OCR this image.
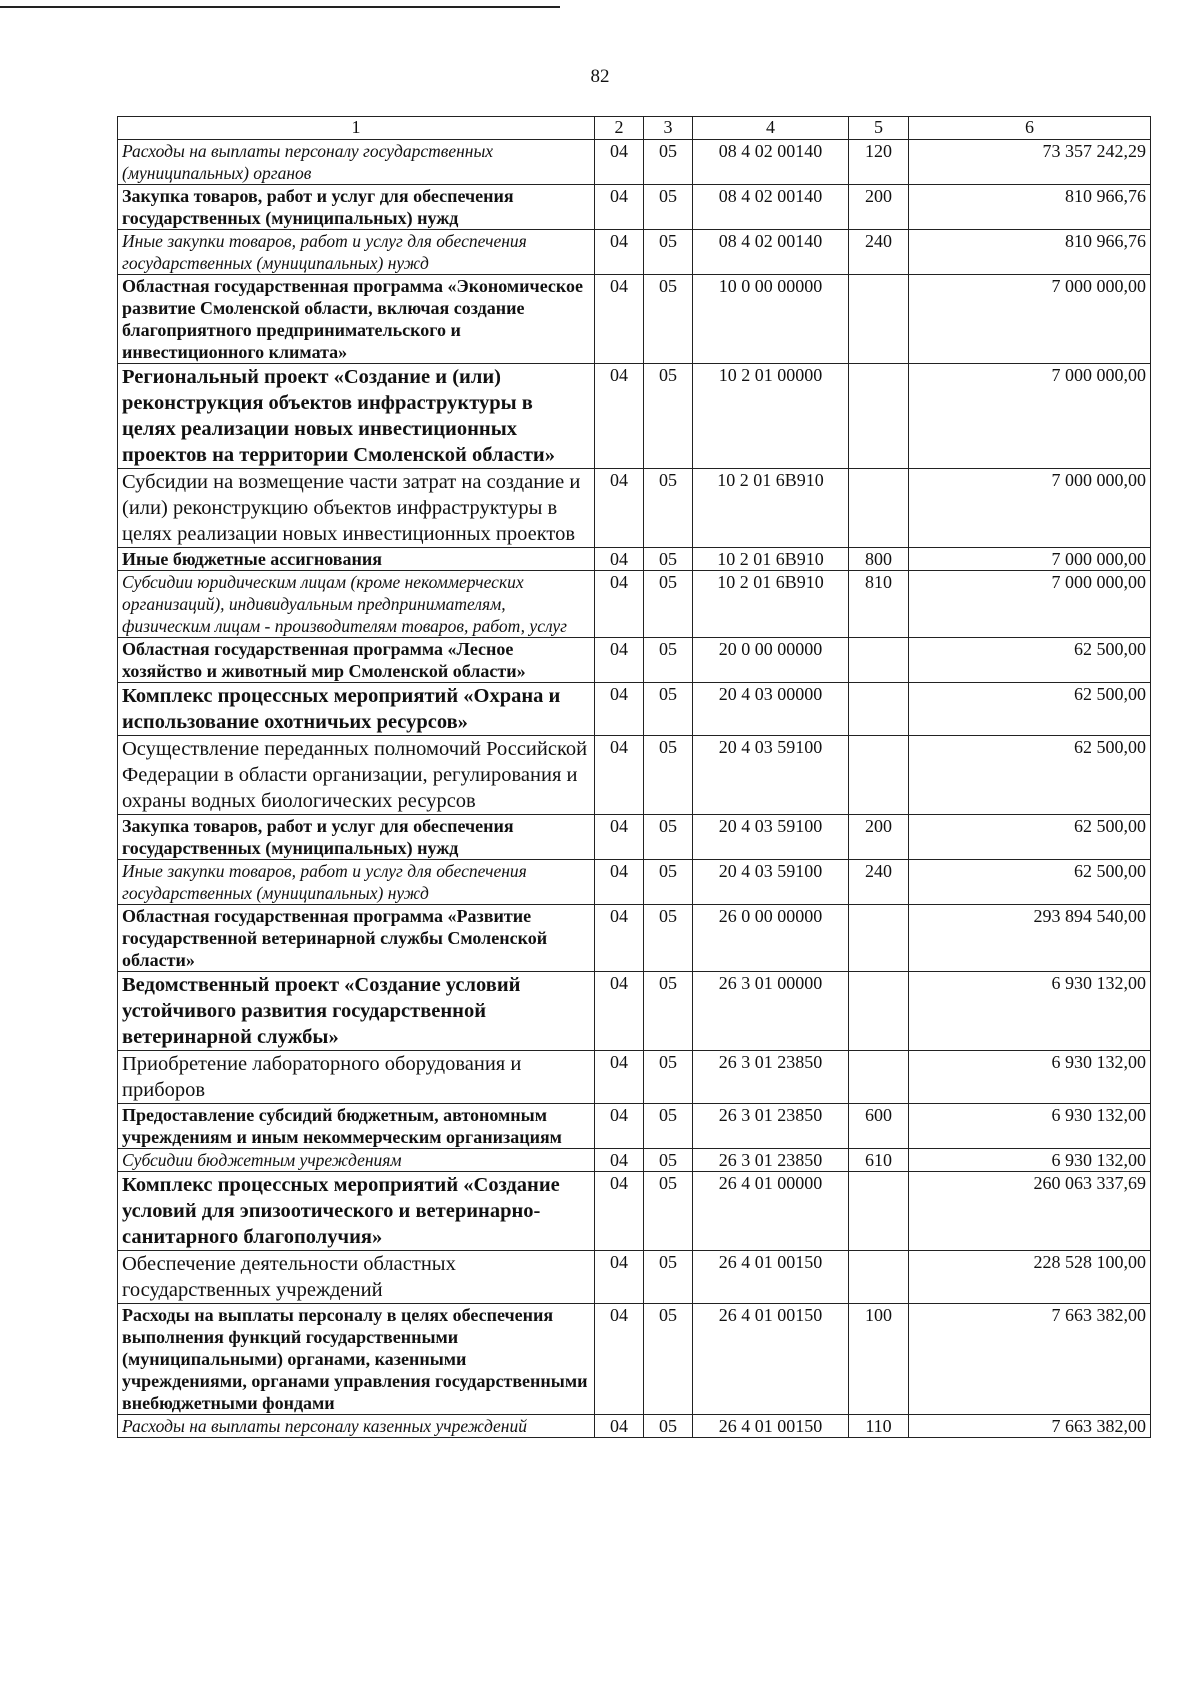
82
1	2	3	4	5	6
Расходы на выплаты персоналу государственных (муниципальных) органов	04	05	08 4 02 00140	120	73 357 242,29
Закупка товаров, работ и услуг для обеспечения государственных (муниципальных) нужд	04	05	08 4 02 00140	200	810 966,76
Иные закупки товаров, работ и услуг для обеспечения государственных (муниципальных) нужд	04	05	08 4 02 00140	240	810 966,76
Областная государственная программа «Экономическое развитие Смоленской области, включая создание благоприятного предпринимательского и инвестиционного климата»	04	05	10 0 00 00000		7 000 000,00
Региональный проект «Создание и (или) реконструкция объектов инфраструктуры в целях реализации новых инвестиционных проектов на территории Смоленской области»	04	05	10 2 01 00000		7 000 000,00
Субсидии на возмещение части затрат на создание и (или) реконструкцию объектов инфраструктуры в целях реализации новых инвестиционных проектов	04	05	10 2 01 6В910		7 000 000,00
Иные бюджетные ассигнования	04	05	10 2 01 6В910	800	7 000 000,00
Субсидии юридическим лицам (кроме некоммерческих организаций), индивидуальным предпринимателям, физическим лицам - производителям товаров, работ, услуг	04	05	10 2 01 6В910	810	7 000 000,00
Областная государственная программа «Лесное хозяйство и животный мир Смоленской области»	04	05	20 0 00 00000		62 500,00
Комплекс процессных мероприятий «Охрана и использование охотничьих ресурсов»	04	05	20 4 03 00000		62 500,00
Осуществление переданных полномочий Российской Федерации в области организации, регулирования и охраны водных биологических ресурсов	04	05	20 4 03 59100		62 500,00
Закупка товаров, работ и услуг для обеспечения государственных (муниципальных) нужд	04	05	20 4 03 59100	200	62 500,00
Иные закупки товаров, работ и услуг для обеспечения государственных (муниципальных) нужд	04	05	20 4 03 59100	240	62 500,00
Областная государственная программа «Развитие государственной ветеринарной службы Смоленской области»	04	05	26 0 00 00000		293 894 540,00
Ведомственный проект «Создание условий устойчивого развития государственной ветеринарной службы»	04	05	26 3 01 00000		6 930 132,00
Приобретение лабораторного оборудования и приборов	04	05	26 3 01 23850		6 930 132,00
Предоставление субсидий бюджетным, автономным учреждениям и иным некоммерческим организациям	04	05	26 3 01 23850	600	6 930 132,00
Субсидии бюджетным учреждениям	04	05	26 3 01 23850	610	6 930 132,00
Комплекс процессных мероприятий «Создание условий для эпизоотического и ветеринарно-санитарного благополучия»	04	05	26 4 01 00000		260 063 337,69
Обеспечение деятельности областных государственных учреждений	04	05	26 4 01 00150		228 528 100,00
Расходы на выплаты персоналу в целях обеспечения выполнения функций государственными (муниципальными) органами, казенными учреждениями, органами управления государственными внебюджетными фондами	04	05	26 4 01 00150	100	7 663 382,00
Расходы на выплаты персоналу казенных учреждений	04	05	26 4 01 00150	110	7 663 382,00
